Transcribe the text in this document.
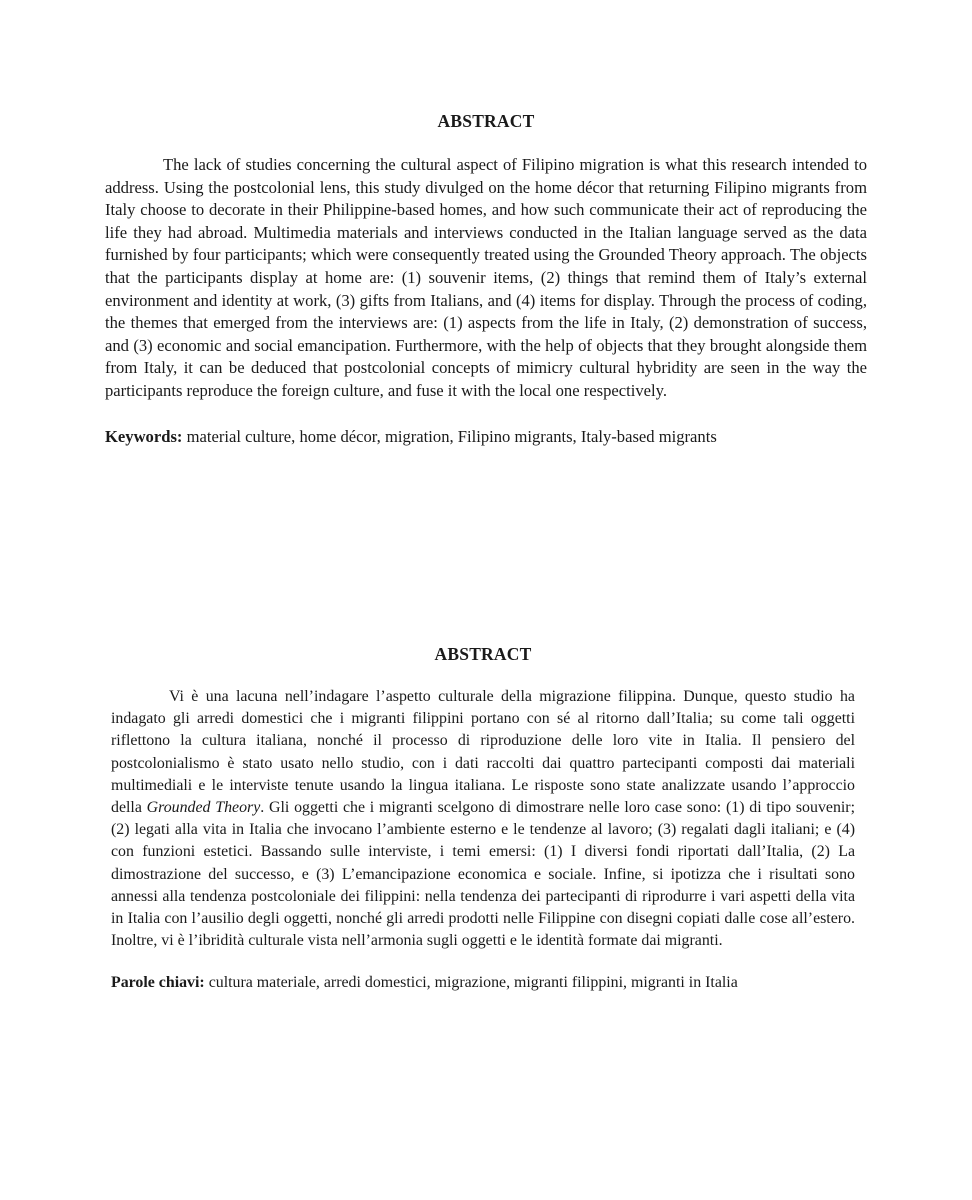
ABSTRACT

The lack of studies concerning the cultural aspect of Filipino migration is what this research intended to address. Using the postcolonial lens, this study divulged on the home décor that returning Filipino migrants from Italy choose to decorate in their Philippine-based homes, and how such communicate their act of reproducing the life they had abroad. Multimedia materials and interviews conducted in the Italian language served as the data furnished by four participants; which were consequently treated using the Grounded Theory approach. The objects that the participants display at home are: (1) souvenir items, (2) things that remind them of Italy’s external environment and identity at work, (3) gifts from Italians, and (4) items for display. Through the process of coding, the themes that emerged from the interviews are: (1) aspects from the life in Italy, (2) demonstration of success, and (3) economic and social emancipation. Furthermore, with the help of objects that they brought alongside them from Italy, it can be deduced that postcolonial concepts of mimicry cultural hybridity are seen in the way the participants reproduce the foreign culture, and fuse it with the local one respectively.

Keywords: material culture, home décor, migration, Filipino migrants, Italy-based migrants

ABSTRACT

Vi è una lacuna nell’indagare l’aspetto culturale della migrazione filippina. Dunque, questo studio ha indagato gli arredi domestici che i migranti filippini portano con sé al ritorno dall’Italia; su come tali oggetti riflettono la cultura italiana, nonché il processo di riproduzione delle loro vite in Italia. Il pensiero del postcolonialismo è stato usato nello studio, con i dati raccolti dai quattro partecipanti composti dai materiali multimediali e le interviste tenute usando la lingua italiana. Le risposte sono state analizzate usando l’approccio della Grounded Theory. Gli oggetti che i migranti scelgono di dimostrare nelle loro case sono: (1) di tipo souvenir; (2) legati alla vita in Italia che invocano l’ambiente esterno e le tendenze al lavoro; (3) regalati dagli italiani; e (4) con funzioni estetici. Bassando sulle interviste, i temi emersi: (1) I diversi fondi riportati dall’Italia, (2) La dimostrazione del successo, e (3) L’emancipazione economica e sociale. Infine, si ipotizza che i risultati sono annessi alla tendenza postcoloniale dei filippini: nella tendenza dei partecipanti di riprodurre i vari aspetti della vita in Italia con l’ausilio degli oggetti, nonché gli arredi prodotti nelle Filippine con disegni copiati dalle cose all’estero. Inoltre, vi è l’ibridità culturale vista nell’armonia sugli oggetti e le identità formate dai migranti.

Parole chiavi: cultura materiale, arredi domestici, migrazione, migranti filippini, migranti in Italia
